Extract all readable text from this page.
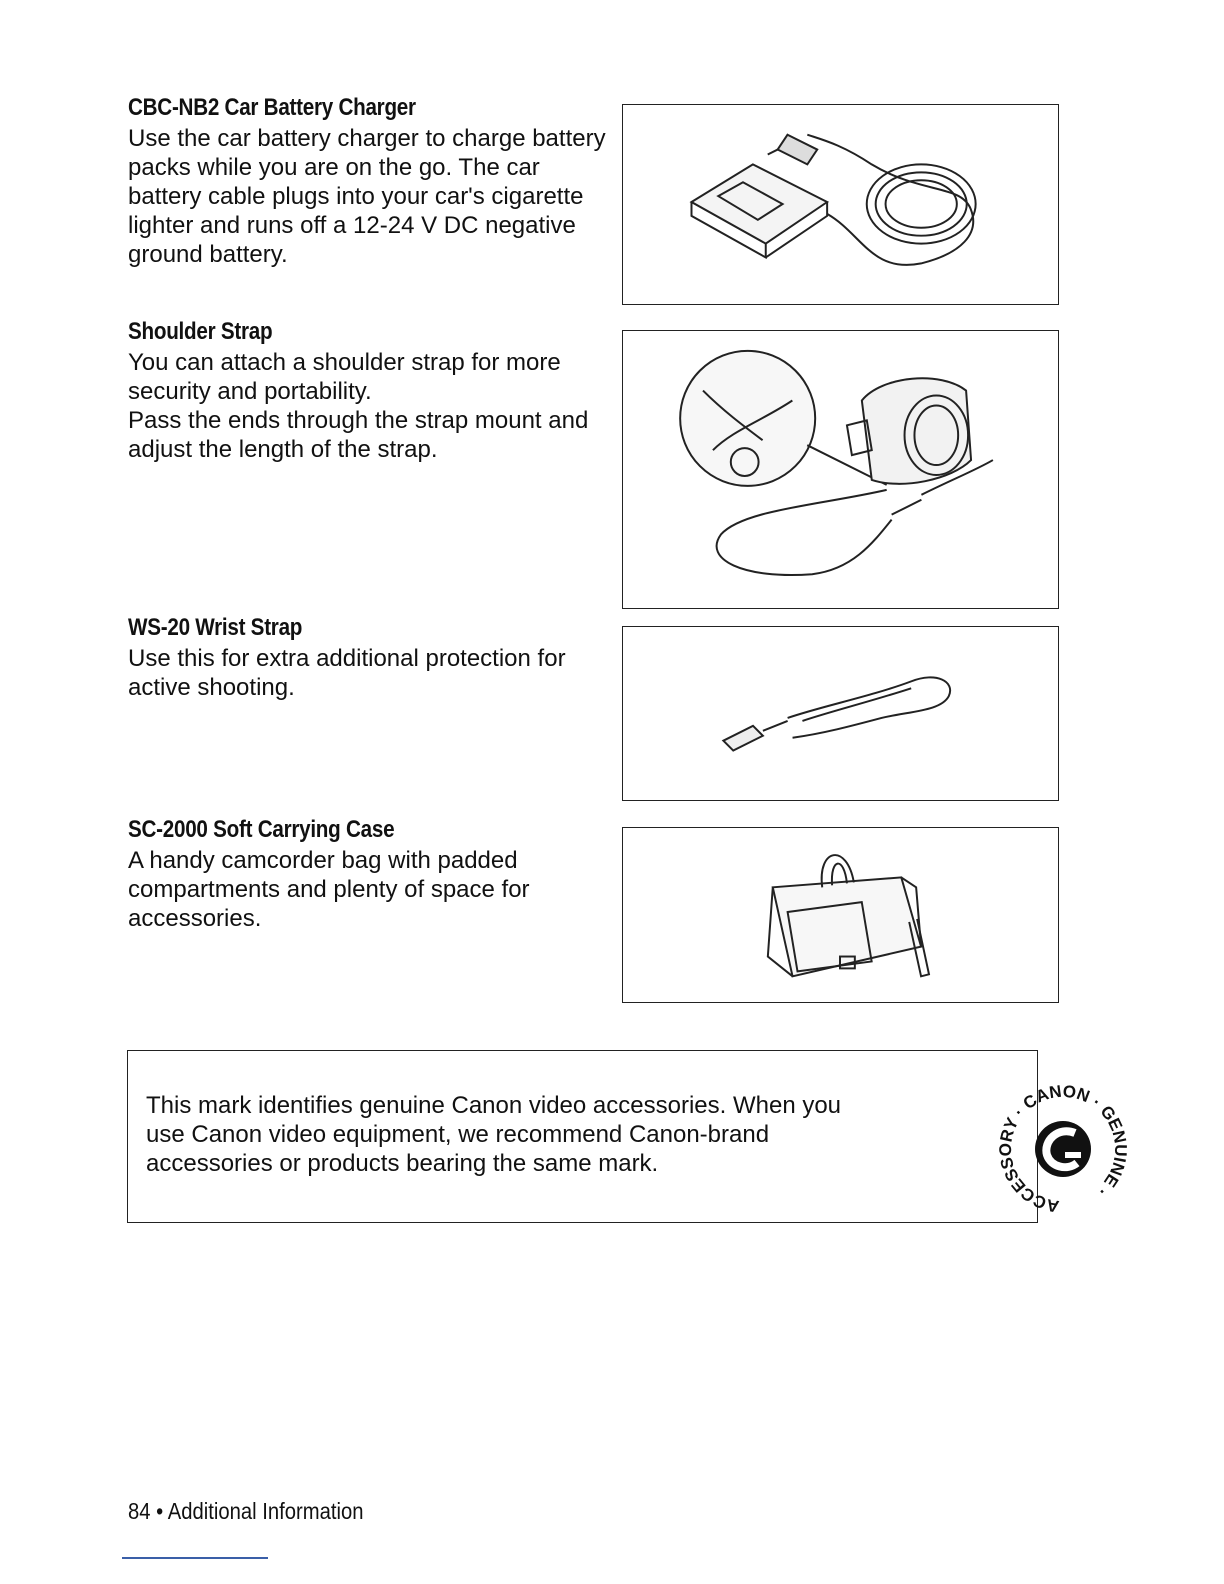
CBC-NB2 Car Battery Charger

Use the car battery charger to charge battery packs while you are on the go. The car battery cable plugs into your car's cigarette lighter and runs off a 12-24 V DC negative ground battery.

Shoulder Strap

You can attach a shoulder strap for more security and portability.

Pass the ends through the strap mount and adjust the length of the strap.

WS-20 Wrist Strap

Use this for extra additional protection for active shooting.

SC-2000 Soft Carrying Case

A handy camcorder bag with padded compartments and plenty of space for accessories.

This mark identifies genuine Canon video accessories. When you use Canon video equipment, we recommend Canon-brand accessories or products bearing the same mark.

ACCESSORY · CANON · GENUINE ·
84 • Additional Information
